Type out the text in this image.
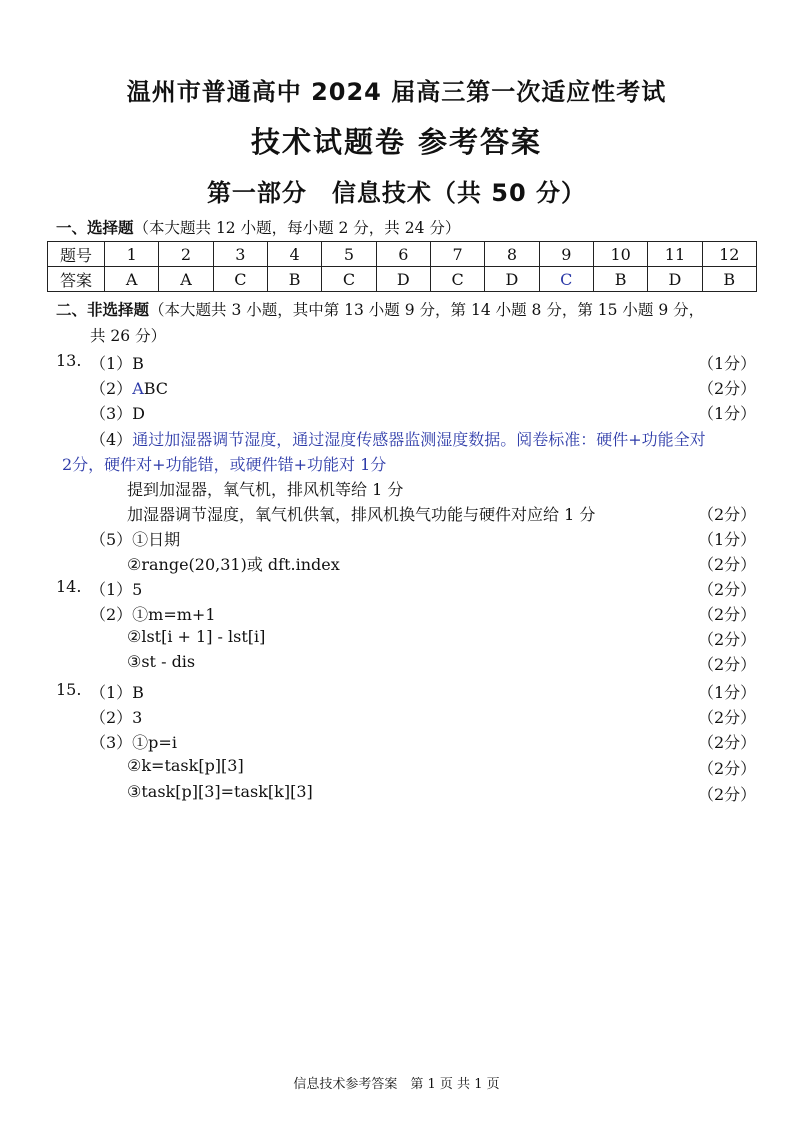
温州市普通高中 2024 届高三第一次适应性考试
技术试题卷 参考答案
第一部分　信息技术（共 50 分）
一、选择题（本大题共 12 小题，每小题 2 分，共 24 分）
题号	1	2	3	4	5	6	7	8	9	10	11	12
答案	A	A	C	B	C	D	C	D	C	B	D	B
二、非选择题（本大题共 3 小题，其中第 13 小题 9 分，第 14 小题 8 分，第 15 小题 9 分，
共 26 分）
13. （1）B	（1分）
（2）ABC	（2分）
（3）D	（1分）
（4）通过加湿器调节湿度，通过湿度传感器监测湿度数据。阅卷标准：硬件+功能全对
2分，硬件对+功能错，或硬件错+功能对 1分
提到加湿器，氧气机，排风机等给 1 分
加湿器调节湿度，氧气机供氧，排风机换气功能与硬件对应给 1 分	（2分）
（5）①日期	（1分）
②range(20,31)或 dft.index	（2分）
14. （1）5	（2分）
（2）①m=m+1	（2分）
②lst[i + 1] - lst[i]	（2分）
③st - dis	（2分）
15. （1）B	（1分）
（2）3	（2分）
（3）①p=i	（2分）
②k=task[p][3]	（2分）
③task[p][3]=task[k][3]	（2分）
信息技术参考答案　第 1 页 共 1 页
